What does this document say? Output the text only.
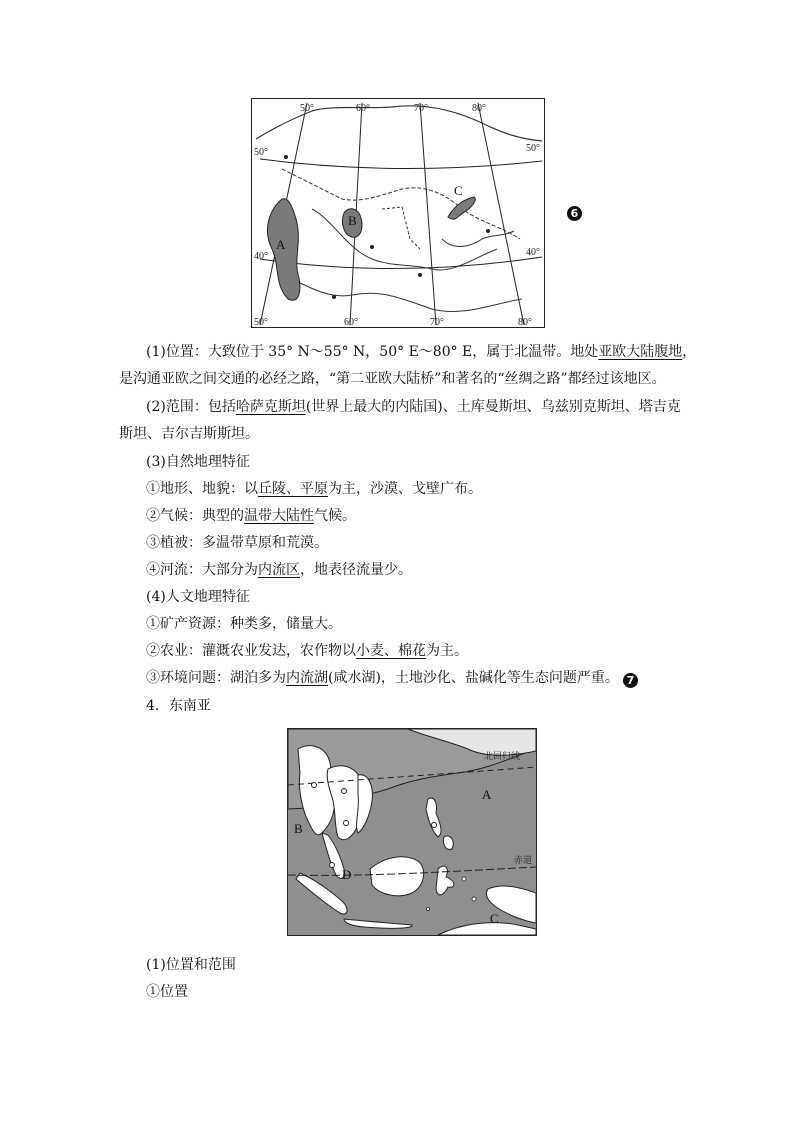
50°	60°	70°	80°
50°	60°	70°	80°
50°
40°
50°
40°
A
B
C
6
(1)位置：大致位于 35° N～55° N，50° E～80° E，属于北温带。地处亚欧大陆腹地，
是沟通亚欧之间交通的必经之路，“第二亚欧大陆桥”和著名的“丝绸之路”都经过该地区。
(2)范围：包括哈萨克斯坦(世界上最大的内陆国)、土库曼斯坦、乌兹别克斯坦、塔吉克
斯坦、吉尔吉斯斯坦。
(3)自然地理特征
①地形、地貌：以丘陵、平原为主，沙漠、戈壁广布。
②气候：典型的温带大陆性气候。
③植被：多温带草原和荒漠。
④河流：大部分为内流区，地表径流量少。
(4)人文地理特征
①矿产资源：种类多，储量大。
②农业：灌溉农业发达，农作物以小麦、棉花为主。
③环境问题：湖泊多为内流湖(咸水湖)，土地沙化、盐碱化等生态问题严重。 7
4．东南亚
北回归线
赤道
A
B
C
D
(1)位置和范围
①位置
